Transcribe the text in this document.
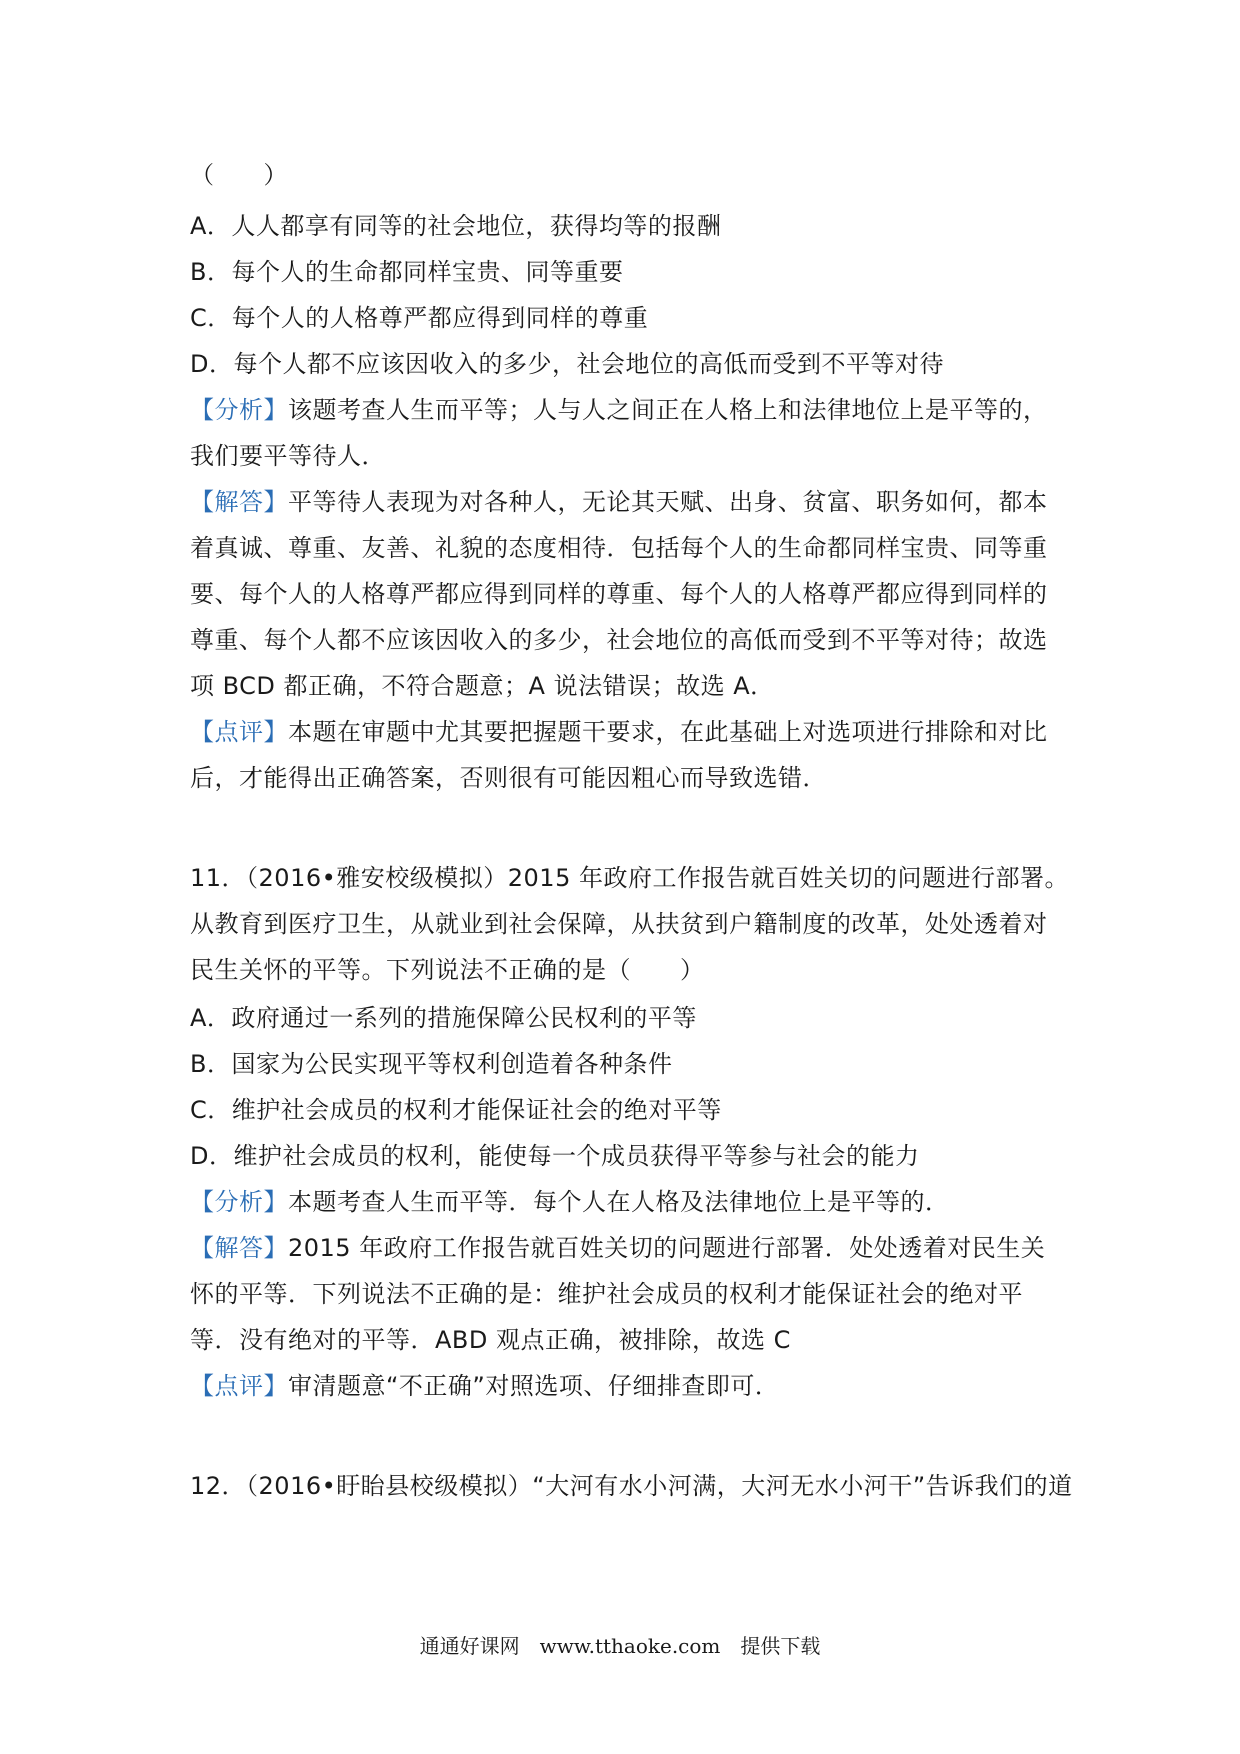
（　　）
A．人人都享有同等的社会地位，获得均等的报酬
B．每个人的生命都同样宝贵、同等重要
C．每个人的人格尊严都应得到同样的尊重
D．每个人都不应该因收入的多少，社会地位的高低而受到不平等对待
【分析】该题考查人生而平等；人与人之间正在人格上和法律地位上是平等的，
我们要平等待人．
【解答】平等待人表现为对各种人，无论其天赋、出身、贫富、职务如何，都本
着真诚、尊重、友善、礼貌的态度相待．包括每个人的生命都同样宝贵、同等重
要、每个人的人格尊严都应得到同样的尊重、每个人的人格尊严都应得到同样的
尊重、每个人都不应该因收入的多少，社会地位的高低而受到不平等对待；故选
项 BCD 都正确，不符合题意；A 说法错误；故选 A．
【点评】本题在审题中尤其要把握题干要求，在此基础上对选项进行排除和对比
后，才能得出正确答案，否则很有可能因粗心而导致选错．
11．（2016•雅安校级模拟）2015 年政府工作报告就百姓关切的问题进行部署。
从教育到医疗卫生，从就业到社会保障，从扶贫到户籍制度的改革，处处透着对
民生关怀的平等。下列说法不正确的是（　　）
A．政府通过一系列的措施保障公民权利的平等
B．国家为公民实现平等权利创造着各种条件
C．维护社会成员的权利才能保证社会的绝对平等
D．维护社会成员的权利，能使每一个成员获得平等参与社会的能力
【分析】本题考查人生而平等．每个人在人格及法律地位上是平等的．
【解答】2015 年政府工作报告就百姓关切的问题进行部署．处处透着对民生关
怀的平等．下列说法不正确的是：维护社会成员的权利才能保证社会的绝对平
等．没有绝对的平等．ABD 观点正确，被排除，故选 C
【点评】审清题意“不正确”对照选项、仔细排查即可．
12．（2016•盱眙县校级模拟）“大河有水小河满，大河无水小河干”告诉我们的道
通通好课网　www.tthaoke.com　提供下载
